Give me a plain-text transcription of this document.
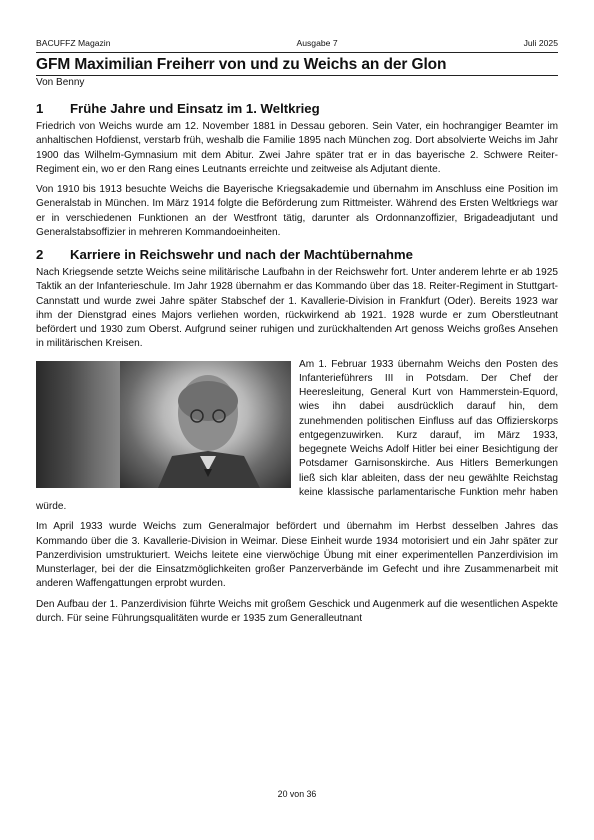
BACUFFZ Magazin	Ausgabe 7	Juli 2025
GFM Maximilian Freiherr von und zu Weichs an der Glon
Von Benny
1	Frühe Jahre und Einsatz im 1. Weltkrieg

Friedrich von Weichs wurde am 12. November 1881 in Dessau geboren. Sein Vater, ein hochrangiger Beamter im anhaltischen Hofdienst, verstarb früh, weshalb die Familie 1895 nach München zog. Dort absolvierte Weichs im Jahr 1900 das Wilhelm-Gymnasium mit dem Abitur. Zwei Jahre später trat er in das bayerische 2. Schwere Reiter-Regiment ein, wo er den Rang eines Leutnants erreichte und zeitweise als Adjutant diente.

Von 1910 bis 1913 besuchte Weichs die Bayerische Kriegsakademie und übernahm im Anschluss eine Position im Generalstab in München. Im März 1914 folgte die Beförderung zum Rittmeister. Während des Ersten Weltkriegs war er in verschiedenen Funktionen an der Westfront tätig, darunter als Ordonnanzoffizier, Brigadeadjutant und Generalstabsoffizier in mehreren Kommandoeinheiten.

2	Karriere in Reichswehr und nach der Machtübernahme

Nach Kriegsende setzte Weichs seine militärische Laufbahn in der Reichswehr fort. Unter anderem lehrte er ab 1925 Taktik an der Infanterieschule. Im Jahr 1928 übernahm er das Kommando über das 18. Reiter-Regiment in Stuttgart-Cannstatt und wurde zwei Jahre später Stabschef der 1. Kavallerie-Division in Frankfurt (Oder). Bereits 1923 war ihm der Dienstgrad eines Majors verliehen worden, rückwirkend ab 1921. 1928 wurde er zum Oberstleutnant befördert und 1930 zum Oberst. Aufgrund seiner ruhigen und zurückhaltenden Art genoss Weichs großes Ansehen in militärischen Kreisen.

Am 1. Februar 1933 übernahm Weichs den Posten des Infanterieführers III in Potsdam. Der Chef der Heeresleitung, General Kurt von Hammerstein-Equord, wies ihn dabei ausdrücklich darauf hin, dem zunehmenden politischen Einfluss auf das Offizierskorps entgegenzuwirken. Kurz darauf, im März 1933, begegnete Weichs Adolf Hitler bei einer Besichtigung der Potsdamer Garnisonskirche. Aus Hitlers Bemerkungen ließ sich klar ableiten, dass der neu gewählte Reichstag keine klassische parlamentarische Funktion mehr haben würde.

Im April 1933 wurde Weichs zum Generalmajor befördert und übernahm im Herbst desselben Jahres das Kommando über die 3. Kavallerie-Division in Weimar. Diese Einheit wurde 1934 motorisiert und ein Jahr später zur Panzerdivision umstrukturiert. Weichs leitete eine vierwöchige Übung mit einer experimentellen Panzerdivision im Munsterlager, bei der die Einsatzmöglichkeiten großer Panzerverbände im Gefecht und ihre Zusammenarbeit mit anderen Waffengattungen erprobt wurden.

Den Aufbau der 1. Panzerdivision führte Weichs mit großem Geschick und Augenmerk auf die wesentlichen Aspekte durch. Für seine Führungsqualitäten wurde er 1935 zum Generalleutnant

20 von 36
